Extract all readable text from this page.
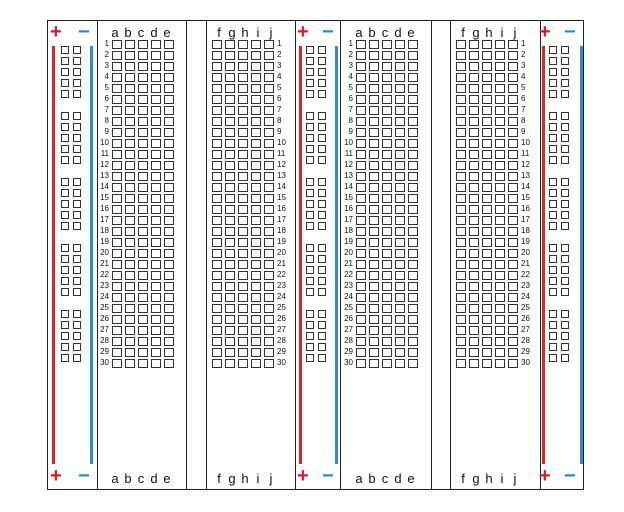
+ −
+ −
+ −
+ −
+ −
+ −
a
a
b
b
c
c
d
d
e
e
1
2
3
4
5
6
7
8
9
10
11
12
13
14
15
16
17
18
19
20
21
22
23
24
25
26
27
28
29
30
a
a
b
b
c
c
d
d
e
e
1
2
3
4
5
6
7
8
9
10
11
12
13
14
15
16
17
18
19
20
21
22
23
24
25
26
27
28
29
30
f
f
g
g
h
h
i
i
j
j
1
2
3
4
5
6
7
8
9
10
11
12
13
14
15
16
17
18
19
20
21
22
23
24
25
26
27
28
29
30
f
f
g
g
h
h
i
i
j
j
1
2
3
4
5
6
7
8
9
10
11
12
13
14
15
16
17
18
19
20
21
22
23
24
25
26
27
28
29
30
